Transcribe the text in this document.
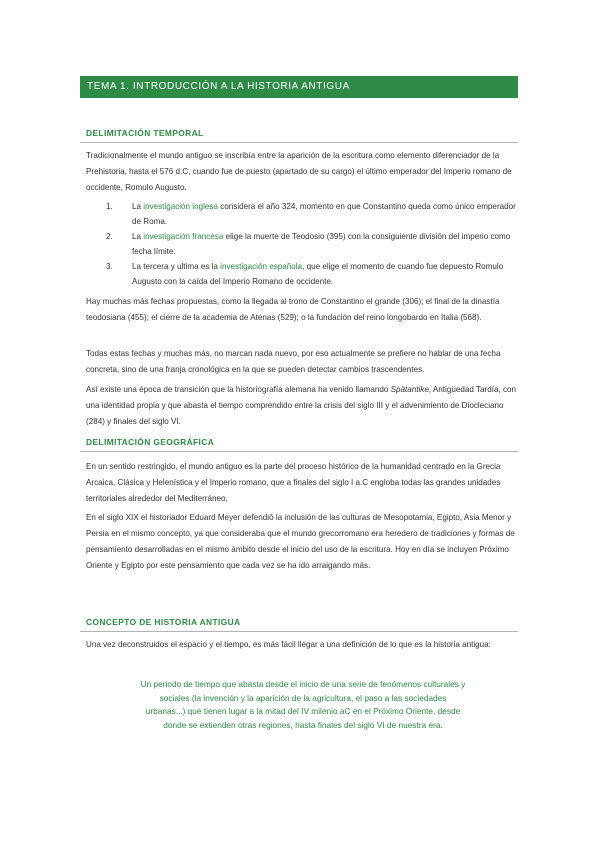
TEMA 1. INTRODUCCIÓN A LA HISTORIA ANTIGUA
DELIMITACIÓN TEMPORAL

Tradicionalmente el mundo antiguo se inscribía entre la aparición de la escritura como elemento diferenciador de la Prehistoria, hasta el 576 d.C, cuando fue de puesto (apartado de su cargo) el último emperador del Imperio romano de occidente, Romulo Augusto.

1. La investigación inglesa considera el año 324, momento en que Constantino queda como único emperador de Roma.
2. La investigación francesa elige la muerte de Teodosio (395) con la consiguiente división del imperio como fecha límite.
3. La tercera y ultima es la investigación española, que elige el momento de cuando fue depuesto Romulo Augusto con la caída del Imperio Romano de occidente.

Hay muchas más fechas propuestas, como la llegada al trono de Constantino el grande (306); el final de la dinastía teodosiana (455); el cierre de la academia de Atenas (529); o la fundación del reino longobardo en Italia (568).

Todas estas fechas y muchas más, no marcan nada nuevo, por eso actualmente se prefiere no hablar de una fecha concreta, sino de una franja cronológica en la que se pueden detectar cambios trascendentes.

Así existe una época de transición que la historiografía alemana ha venido llamando Spätantike, Antigüedad Tardía, con una identidad propia y que abasta el tiempo comprendido entre la crisis del siglo III y el advenimiento de Diocleciano (284) y finales del siglo VI.

DELIMITACIÓN GEOGRÁFICA

En un sentido restringido, el mundo antiguo es la parte del proceso histórico de la humanidad centrado en la Grecia Arcaica, Clásica y Helenística y el Imperio romano, que a finales del siglo I a.C engloba todas las grandes unidades territoriales alrededor del Mediterráneo.

En el siglo XIX el historiador Eduard Meyer defendió la inclusión de las culturas de Mesopotamia, Egipto, Asia Menor y Persia en el mismo concepto, ya que consideraba que el mundo grecorromano era heredero de tradiciones y formas de pensamiento desarrolladas en el mismo ámbito desde el inicio del uso de la escritura. Hoy en día se incluyen Próximo Oriente y Egipto por este pensamiento que cada vez se ha ido arraigando más.

CONCEPTO DE HISTORIA ANTIGUA

Una vez deconstruidos el espacio y el tiempo, es más fácil llegar a una definición de lo que es la historia antigua:

Un periodo de tiempo que abasta desde el inicio de una serie de fenómenos culturales y sociales (la invención y la aparición de la agricultura, el paso a las sociedades urbanas...) que tienen lugar a la mitad del IV milenio aC en el Próximo Oriente, desde donde se extienden otras regiones, hasta finales del siglo VI de nuestra era.
